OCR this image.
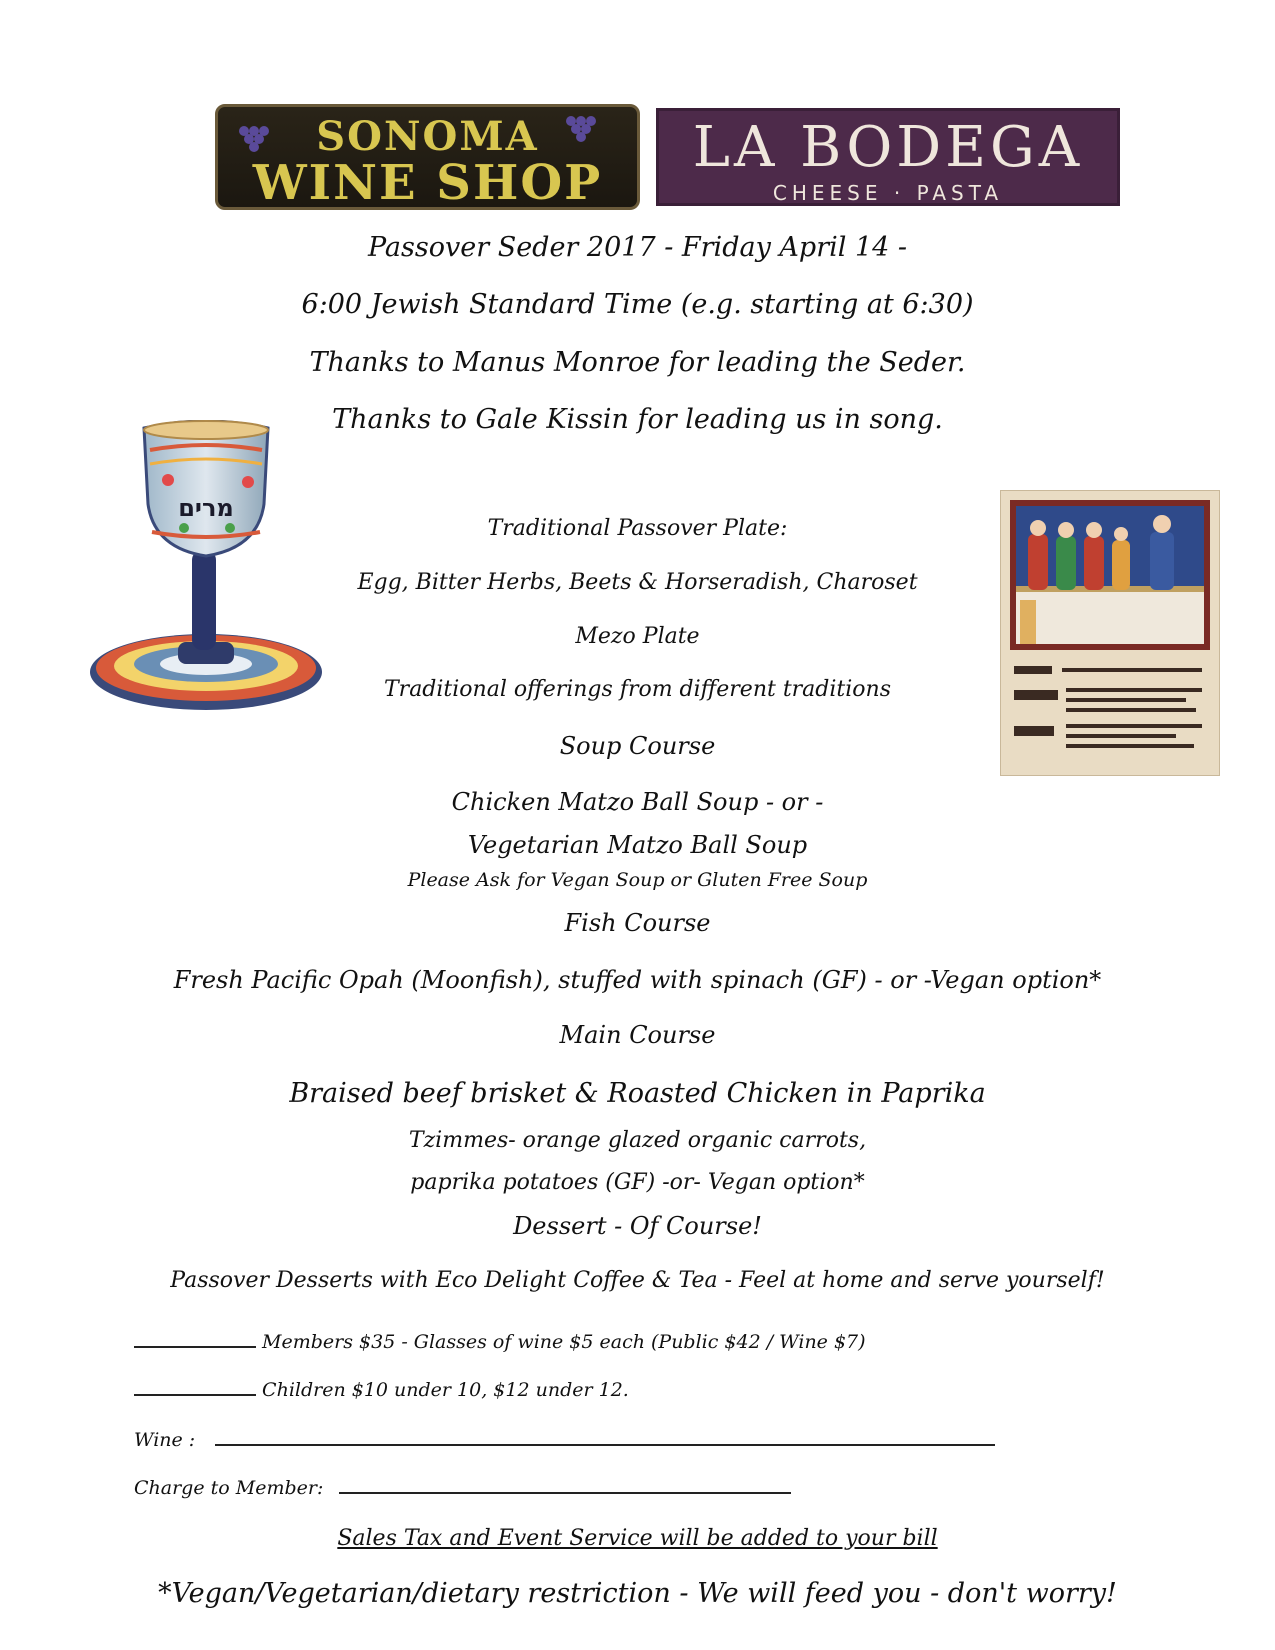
SONOMA
WINE SHOP
LA BODEGA
CHEESE · PASTA
Passover Seder 2017 - Friday April 14 -
6:00 Jewish Standard Time (e.g. starting at 6:30)
Thanks to Manus Monroe for leading the Seder.
Thanks to Gale Kissin for leading us in song.
מרים
Traditional Passover Plate:
Egg, Bitter Herbs, Beets & Horseradish, Charoset
Mezo Plate
Traditional offerings from different traditions
Soup Course
Chicken Matzo Ball Soup - or -
Vegetarian Matzo Ball Soup
Please Ask for Vegan Soup or Gluten Free Soup
Fish Course
Fresh Pacific Opah (Moonfish), stuffed with spinach (GF) - or -Vegan option*
Main Course
Braised beef brisket & Roasted Chicken in Paprika
Tzimmes- orange glazed organic carrots,
paprika potatoes (GF) -or- Vegan option*
Dessert - Of Course!
Passover Desserts with Eco Delight Coffee & Tea - Feel at home and serve yourself!
Members $35 - Glasses of wine $5 each (Public $42 / Wine $7)
Children $10 under 10, $12 under 12.
Wine :
Charge to Member:
Sales Tax and Event Service will be added to your bill
*Vegan/Vegetarian/dietary restriction - We will feed you - don't worry!
